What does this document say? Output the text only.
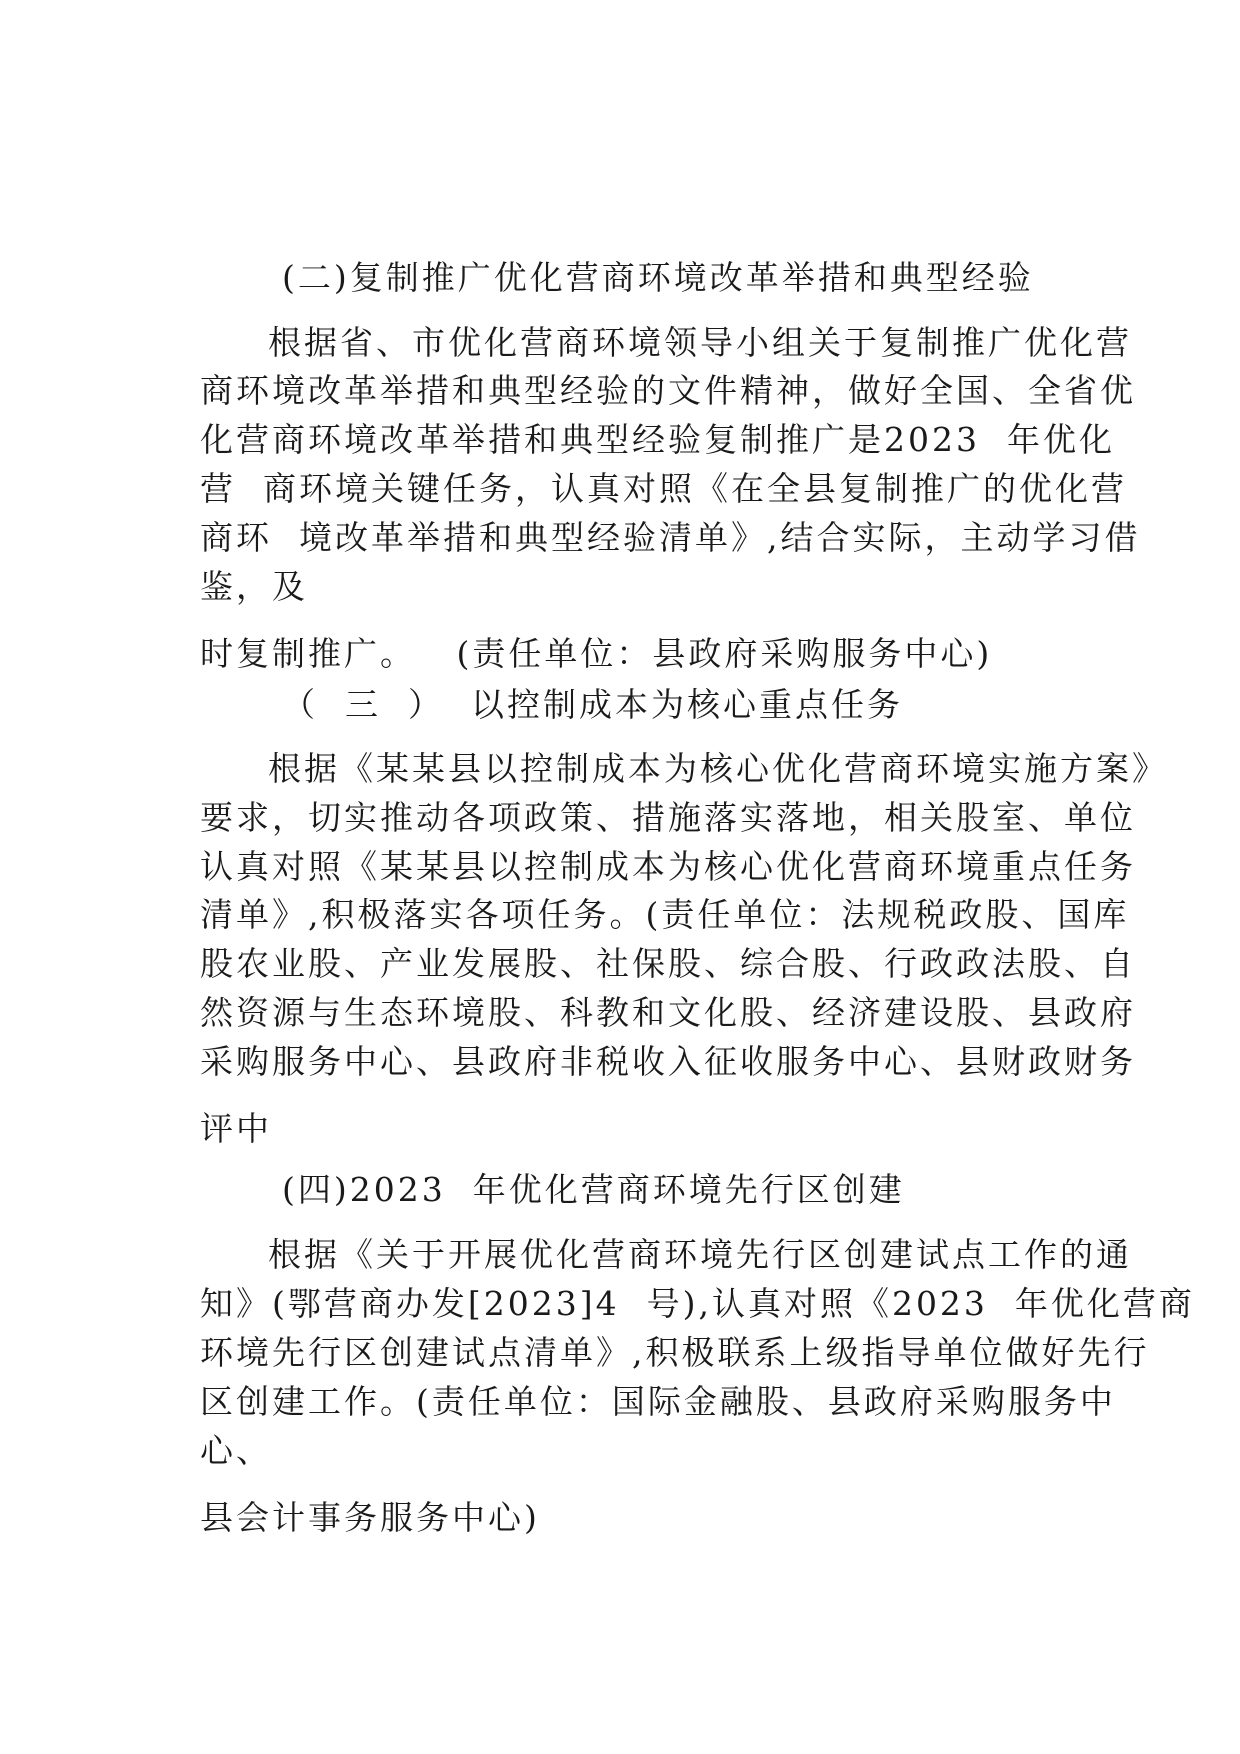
(二)复制推广优化营商环境改革举措和典型经验

根据省、市优化营商环境领导小组关于复制推广优化营

商环境改革举措和典型经验的文件精神，做好全国、全省优

化营商环境改革举措和典型经验复制推广是2023  年优化

营  商环境关键任务，认真对照《在全县复制推广的优化营

商环  境改革举措和典型经验清单》,结合实际，主动学习借

鉴，及

时复制推广。   (责任单位：县政府采购服务中心)

（  三  ）  以控制成本为核心重点任务

根据《某某县以控制成本为核心优化营商环境实施方案》

要求，切实推动各项政策、措施落实落地，相关股室、单位

认真对照《某某县以控制成本为核心优化营商环境重点任务

清单》,积极落实各项任务。(责任单位：法规税政股、国库

股农业股、产业发展股、社保股、综合股、行政政法股、自

然资源与生态环境股、科教和文化股、经济建设股、县政府

采购服务中心、县政府非税收入征收服务中心、县财政财务

评中

(四)2023  年优化营商环境先行区创建

根据《关于开展优化营商环境先行区创建试点工作的通

知》(鄂营商办发[2023]4  号),认真对照《2023  年优化营商

环境先行区创建试点清单》,积极联系上级指导单位做好先行

区创建工作。(责任单位：国际金融股、县政府采购服务中

心、

县会计事务服务中心)
